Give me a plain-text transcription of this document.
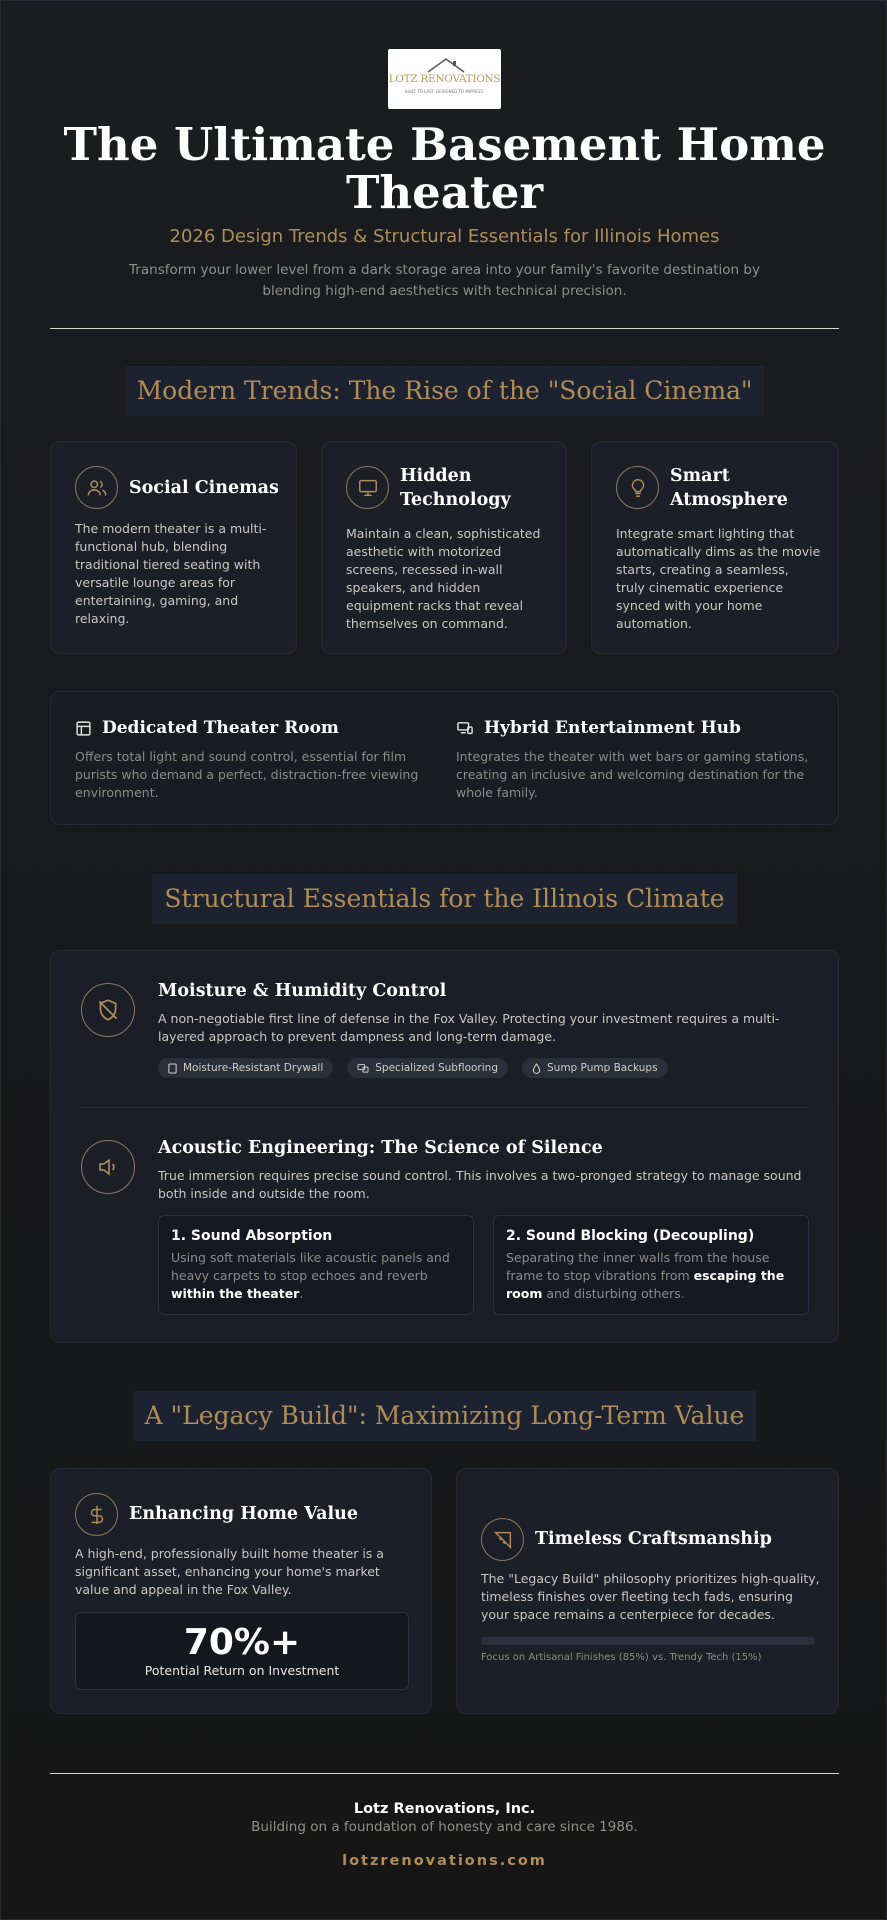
LOTZ RENOVATIONS
BUILT TO LAST. DESIGNED TO IMPRESS.
The Ultimate Basement Home Theater
2026 Design Trends & Structural Essentials for Illinois Homes
Transform your lower level from a dark storage area into your family's favorite destination by blending high-end aesthetics with technical precision.
Modern Trends: The Rise of the "Social Cinema"
Social Cinemas
The modern theater is a multi-functional hub, blending traditional tiered seating with versatile lounge areas for entertaining, gaming, and relaxing.
Hidden Technology
Maintain a clean, sophisticated aesthetic with motorized screens, recessed in-wall speakers, and hidden equipment racks that reveal themselves on command.
Smart Atmosphere
Integrate smart lighting that automatically dims as the movie starts, creating a seamless, truly cinematic experience synced with your home automation.
Dedicated Theater Room
Offers total light and sound control, essential for film purists who demand a perfect, distraction-free viewing environment.
Hybrid Entertainment Hub
Integrates the theater with wet bars or gaming stations, creating an inclusive and welcoming destination for the whole family.
Structural Essentials for the Illinois Climate
Moisture & Humidity Control
A non-negotiable first line of defense in the Fox Valley. Protecting your investment requires a multi-layered approach to prevent dampness and long-term damage.
Moisture-Resistant Drywall	Specialized Subflooring	Sump Pump Backups
Acoustic Engineering: The Science of Silence
True immersion requires precise sound control. This involves a two-pronged strategy to manage sound both inside and outside the room.
1. Sound Absorption
Using soft materials like acoustic panels and heavy carpets to stop echoes and reverb within the theater.
2. Sound Blocking (Decoupling)
Separating the inner walls from the house frame to stop vibrations from escaping the room and disturbing others.
A "Legacy Build": Maximizing Long-Term Value
Enhancing Home Value
A high-end, professionally built home theater is a significant asset, enhancing your home's market value and appeal in the Fox Valley.
70%+
Potential Return on Investment
Timeless Craftsmanship
The "Legacy Build" philosophy prioritizes high-quality, timeless finishes over fleeting tech fads, ensuring your space remains a centerpiece for decades.
Focus on Artisanal Finishes (85%) vs. Trendy Tech (15%)
Lotz Renovations, Inc.
Building on a foundation of honesty and care since 1986.
lotzrenovations.com
